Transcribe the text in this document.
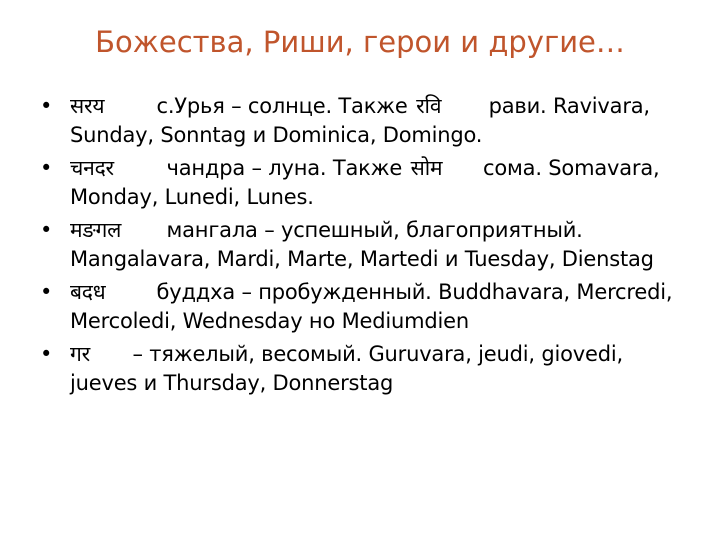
Божества, Риши, герои и другие…
• सरय с.Урья – солнце. Также रवि рави. Ravivara, Sunday, Sonntag и Dominica, Domingo.
• चनदर	чандра – луна. Также सोम сома. Somavara, Monday, Lunedi, Lunes.
• मङगल мангала – успешный, благоприятный. Mangalavara, Mardi, Marte, Martedi и Tuesday, Dienstag
• बदध буддха – пробужденный. Buddhavara, Mercredi, Mercoledi, Wednesday но Mediumdien
• गर – тяжелый, весомый. Guruvara, jeudi, giovedi, jueves и Thursday, Donnerstag
